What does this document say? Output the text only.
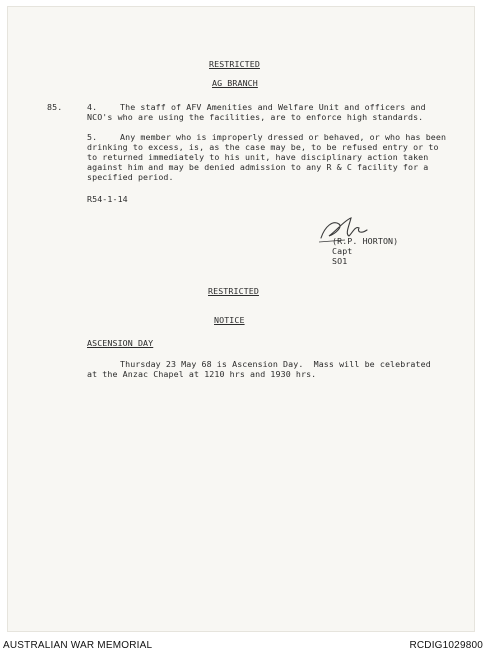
RESTRICTED
AG BRANCH
85.	4.	The staff of AFV Amenities and Welfare Unit and officers and
NCO's who are using the facilities, are to enforce high standards.
5.	Any member who is improperly dressed or behaved, or who has been
drinking to excess, is, as the case may be, to be refused entry or to
to returned immediately to his unit, have disciplinary action taken
against him and may be denied admission to any R & C facility for a
specified period.
R54-1-14
(R.P. HORTON)
Capt
SO1
RESTRICTED
NOTICE
ASCENSION DAY
Thursday 23 May 68 is Ascension Day.  Mass will be celebrated
at the Anzac Chapel at 1210 hrs and 1930 hrs.
AUSTRALIAN WAR MEMORIAL	RCDIG1029800
